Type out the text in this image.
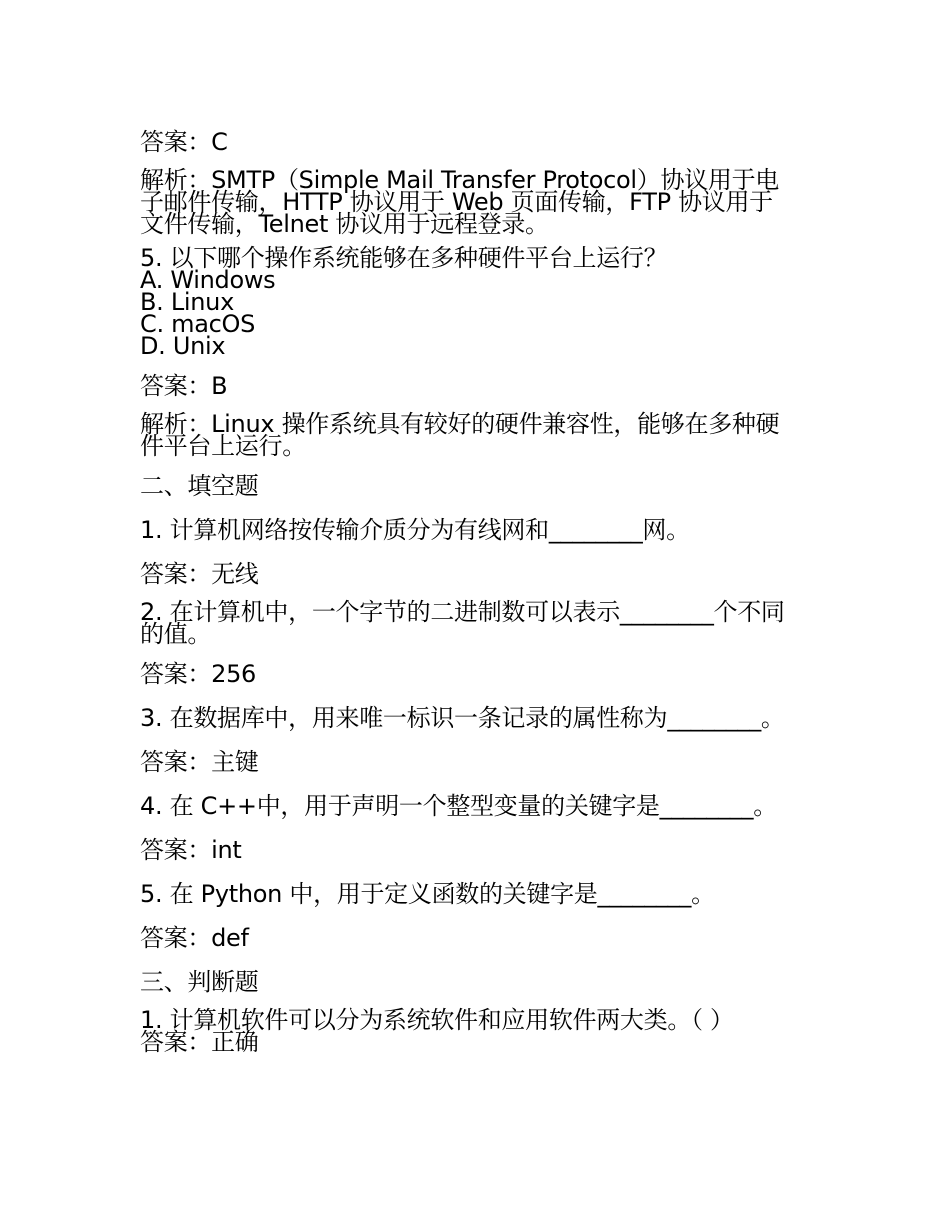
答案：C

解析：SMTP（Simple Mail Transfer Protocol）协议用于电

子邮件传输，HTTP 协议用于 Web 页面传输，FTP 协议用于

文件传输，Telnet 协议用于远程登录。

5. 以下哪个操作系统能够在多种硬件平台上运行？

A. Windows

B. Linux

C. macOS

D. Unix

答案：B

解析：Linux 操作系统具有较好的硬件兼容性，能够在多种硬

件平台上运行。

二、填空题

1. 计算机网络按传输介质分为有线网和________网。

答案：无线

2. 在计算机中，一个字节的二进制数可以表示________个不同

的值。

答案：256

3. 在数据库中，用来唯一标识一条记录的属性称为________。

答案：主键

4. 在 C++中，用于声明一个整型变量的关键字是________。

答案：int

5. 在 Python 中，用于定义函数的关键字是________。

答案：def

三、判断题

1. 计算机软件可以分为系统软件和应用软件两大类。（ ）

答案：正确
